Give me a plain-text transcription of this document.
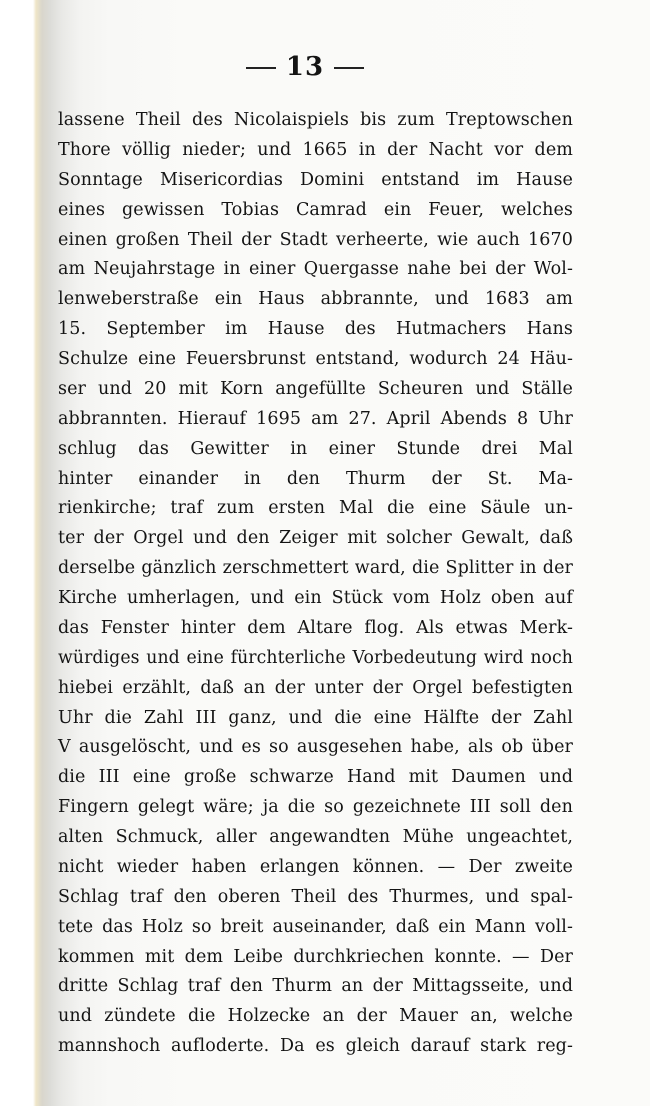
13
lassene Theil des Nicolaispiels bis zum Treptowschen
Thore völlig nieder; und 1665 in der Nacht vor dem
Sonntage Misericordias Domini entstand im Hause
eines gewissen Tobias Camrad ein Feuer, welches
einen großen Theil der Stadt verheerte, wie auch 1670
am Neujahrstage in einer Quergasse nahe bei der Wol-
lenweberstraße ein Haus abbrannte, und 1683 am
15. September im Hause des Hutmachers Hans
Schulze eine Feuersbrunst entstand, wodurch 24 Häu-
ser und 20 mit Korn angefüllte Scheuren und Ställe
abbrannten. Hierauf 1695 am 27. April Abends 8 Uhr
schlug das Gewitter in einer Stunde drei Mal
hinter einander in den Thurm der St. Ma-
rienkirche; traf zum ersten Mal die eine Säule un-
ter der Orgel und den Zeiger mit solcher Gewalt, daß
derselbe gänzlich zerschmettert ward, die Splitter in der
Kirche umherlagen, und ein Stück vom Holz oben auf
das Fenster hinter dem Altare flog. Als etwas Merk-
würdiges und eine fürchterliche Vorbedeutung wird noch
hiebei erzählt, daß an der unter der Orgel befestigten
Uhr die Zahl III ganz, und die eine Hälfte der Zahl
V ausgelöscht, und es so ausgesehen habe, als ob über
die III eine große schwarze Hand mit Daumen und
Fingern gelegt wäre; ja die so gezeichnete III soll den
alten Schmuck, aller angewandten Mühe ungeachtet,
nicht wieder haben erlangen können. — Der zweite
Schlag traf den oberen Theil des Thurmes, und spal-
tete das Holz so breit auseinander, daß ein Mann voll-
kommen mit dem Leibe durchkriechen konnte. — Der
dritte Schlag traf den Thurm an der Mittagsseite, und
und zündete die Holzecke an der Mauer an, welche
mannshoch aufloderte. Da es gleich darauf stark reg-
